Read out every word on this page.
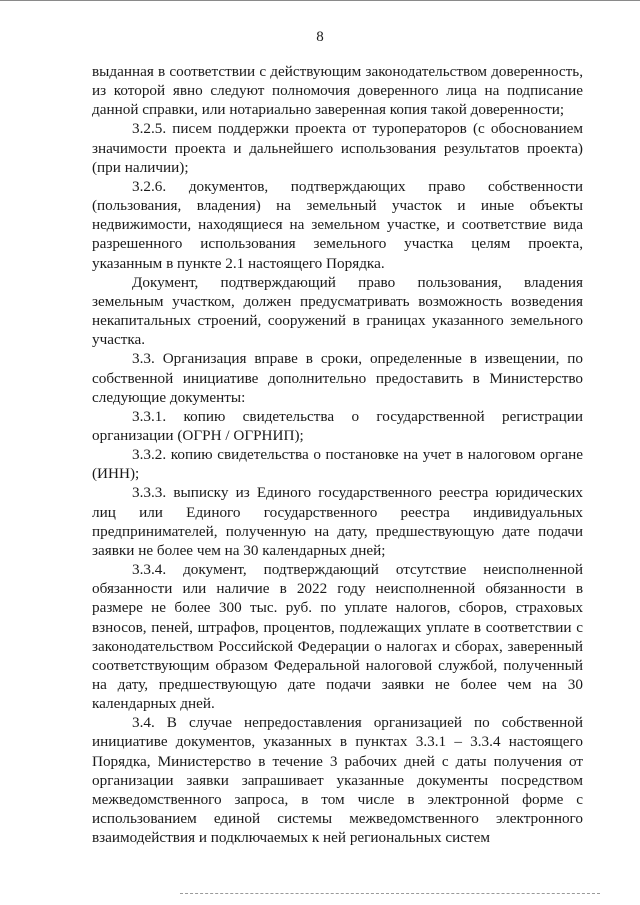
8

выданная в соответствии с действующим законодательством доверенность, из которой явно следуют полномочия доверенного лица на подписание данной справки, или нотариально заверенная копия такой доверенности;

3.2.5. писем поддержки проекта от туроператоров (с обоснованием значимости проекта и дальнейшего использования результатов проекта) (при наличии);

3.2.6. документов, подтверждающих право собственности (пользования, владения) на земельный участок и иные объекты недвижимости, находящиеся на земельном участке, и соответствие вида разрешенного использования земельного участка целям проекта, указанным в пункте 2.1 настоящего Порядка.

Документ, подтверждающий право пользования, владения земельным участком, должен предусматривать возможность возведения некапитальных строений, сооружений в границах указанного земельного участка.

3.3. Организация вправе в сроки, определенные в извещении, по собственной инициативе дополнительно предоставить в Министерство следующие документы:

3.3.1. копию свидетельства о государственной регистрации организации (ОГРН / ОГРНИП);

3.3.2. копию свидетельства о постановке на учет в налоговом органе (ИНН);

3.3.3. выписку из Единого государственного реестра юридических лиц или Единого государственного реестра индивидуальных предпринимателей, полученную на дату, предшествующую дате подачи заявки не более чем на 30 календарных дней;

3.3.4. документ, подтверждающий отсутствие неисполненной обязанности или наличие в 2022 году неисполненной обязанности в размере не более 300 тыс. руб. по уплате налогов, сборов, страховых взносов, пеней, штрафов, процентов, подлежащих уплате в соответствии с законодательством Российской Федерации о налогах и сборах, заверенный соответствующим образом Федеральной налоговой службой, полученный на дату, предшествующую дате подачи заявки не более чем на 30 календарных дней.

3.4. В случае непредоставления организацией по собственной инициативе документов, указанных в пунктах 3.3.1 – 3.3.4 настоящего Порядка, Министерство в течение 3 рабочих дней с даты получения от организации заявки запрашивает указанные документы посредством межведомственного запроса, в том числе в электронной форме с использованием единой системы межведомственного электронного взаимодействия и подключаемых к ней региональных систем
